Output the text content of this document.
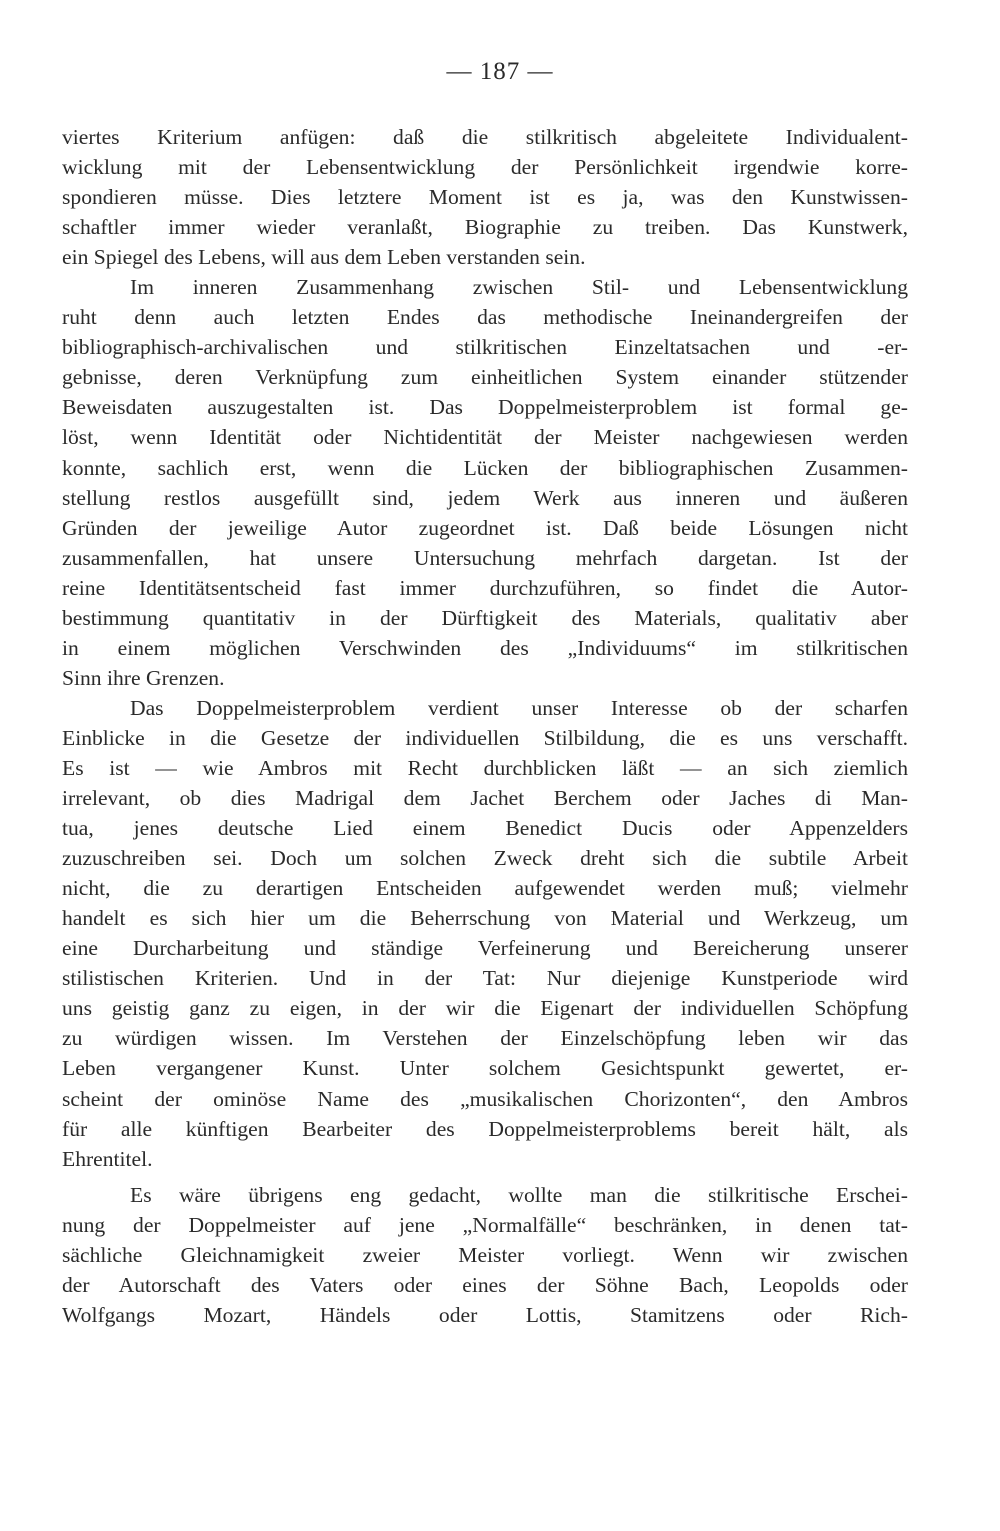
— 187 —

viertes Kriterium anfügen: daß die stilkritisch abgeleitete Individualent-
wicklung mit der Lebensentwicklung der Persönlichkeit irgendwie korre-
spondieren müsse. Dies letztere Moment ist es ja, was den Kunstwissen-
schaftler immer wieder veranlaßt, Biographie zu treiben. Das Kunstwerk,
ein Spiegel des Lebens, will aus dem Leben verstanden sein.

Im inneren Zusammenhang zwischen Stil- und Lebensentwicklung
ruht denn auch letzten Endes das methodische Ineinandergreifen der
bibliographisch-archivalischen und stilkritischen Einzeltatsachen und -er-
gebnisse, deren Verknüpfung zum einheitlichen System einander stützender
Beweisdaten auszugestalten ist. Das Doppelmeisterproblem ist formal ge-
löst, wenn Identität oder Nichtidentität der Meister nachgewiesen werden
konnte, sachlich erst, wenn die Lücken der bibliographischen Zusammen-
stellung restlos ausgefüllt sind, jedem Werk aus inneren und äußeren
Gründen der jeweilige Autor zugeordnet ist. Daß beide Lösungen nicht
zusammenfallen, hat unsere Untersuchung mehrfach dargetan. Ist der
reine Identitätsentscheid fast immer durchzuführen, so findet die Autor-
bestimmung quantitativ in der Dürftigkeit des Materials, qualitativ aber
in einem möglichen Verschwinden des „Individuums“ im stilkritischen
Sinn ihre Grenzen.

Das Doppelmeisterproblem verdient unser Interesse ob der scharfen
Einblicke in die Gesetze der individuellen Stilbildung, die es uns verschafft.
Es ist — wie Ambros mit Recht durchblicken läßt — an sich ziemlich
irrelevant, ob dies Madrigal dem Jachet Berchem oder Jaches di Man-
tua, jenes deutsche Lied einem Benedict Ducis oder Appenzelders
zuzuschreiben sei. Doch um solchen Zweck dreht sich die subtile Arbeit
nicht, die zu derartigen Entscheiden aufgewendet werden muß; vielmehr
handelt es sich hier um die Beherrschung von Material und Werkzeug, um
eine Durcharbeitung und ständige Verfeinerung und Bereicherung unserer
stilistischen Kriterien. Und in der Tat: Nur diejenige Kunstperiode wird
uns geistig ganz zu eigen, in der wir die Eigenart der individuellen Schöpfung
zu würdigen wissen. Im Verstehen der Einzelschöpfung leben wir das
Leben vergangener Kunst. Unter solchem Gesichtspunkt gewertet, er-
scheint der ominöse Name des „musikalischen Chorizonten“, den Ambros
für alle künftigen Bearbeiter des Doppelmeisterproblems bereit hält, als
Ehrentitel.

Es wäre übrigens eng gedacht, wollte man die stilkritische Erschei-
nung der Doppelmeister auf jene „Normalfälle“ beschränken, in denen tat-
sächliche Gleichnamigkeit zweier Meister vorliegt. Wenn wir zwischen
der Autorschaft des Vaters oder eines der Söhne Bach, Leopolds oder
Wolfgangs Mozart, Händels oder Lottis, Stamitzens oder Rich-
